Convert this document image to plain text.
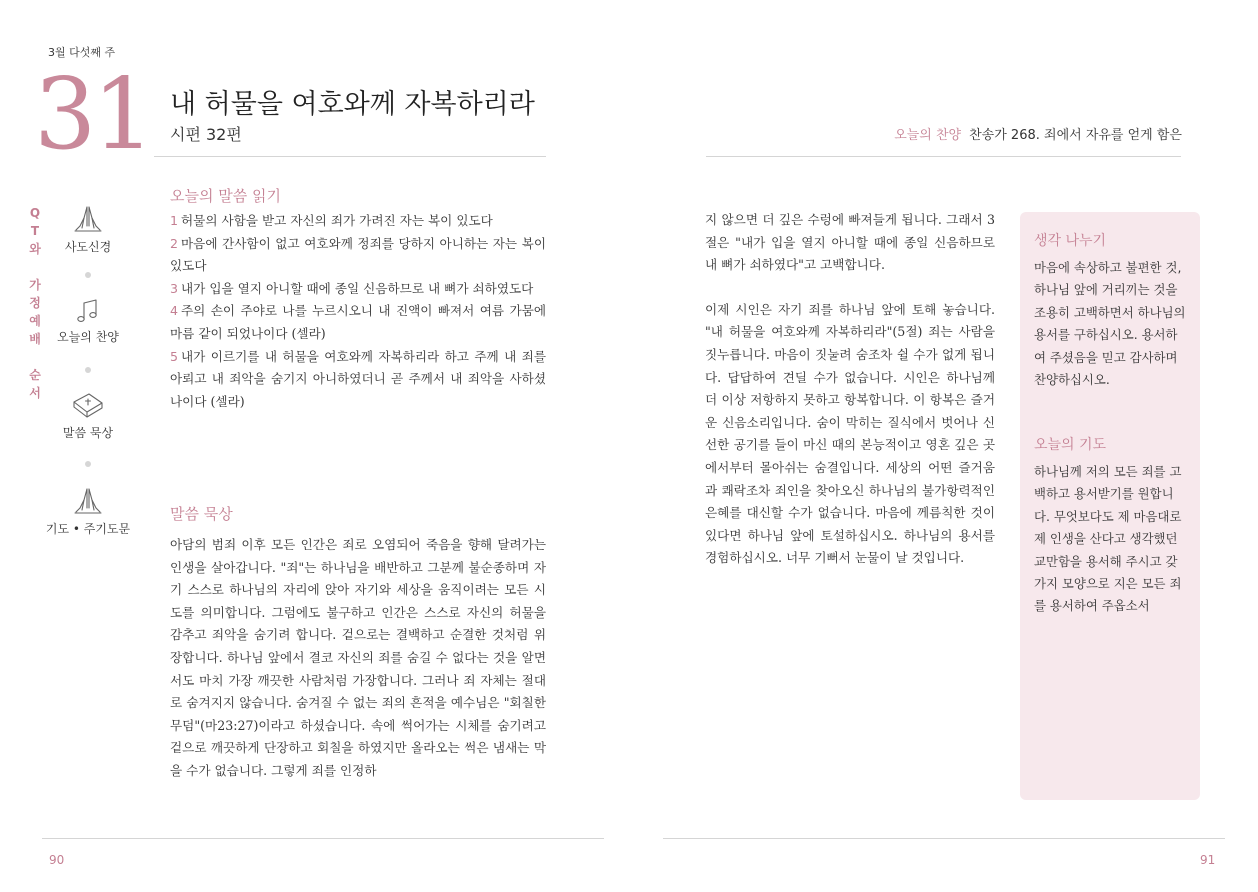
3월 다섯째 주
31 내 허물을 여호와께 자복하리라
시편 32편
Q
T
와

가
정
예
배

순
서
사도신경
오늘의 찬양
말씀 묵상
기도 • 주기도문
오늘의 말씀 읽기
1 허물의 사함을 받고 자신의 죄가 가려진 자는 복이 있도다
2 마음에 간사함이 없고 여호와께 정죄를 당하지 아니하는 자는 복이 있도다
3 내가 입을 열지 아니할 때에 종일 신음하므로 내 뼈가 쇠하였도다
4 주의 손이 주야로 나를 누르시오니 내 진액이 빠져서 여름 가뭄에 마름 같이 되었나이다 (셀라)
5 내가 이르기를 내 허물을 여호와께 자복하리라 하고 주께 내 죄를 아뢰고 내 죄악을 숨기지 아니하였더니 곧 주께서 내 죄악을 사하셨나이다 (셀라)
말씀 묵상
아담의 범죄 이후 모든 인간은 죄로 오염되어 죽음을 향해 달려가는 인생을 살아갑니다. "죄"는 하나님을 배반하고 그분께 불순종하며 자기 스스로 하나님의 자리에 앉아 자기와 세상을 움직이려는 모든 시도를 의미합니다. 그럼에도 불구하고 인간은 스스로 자신의 허물을 감추고 죄악을 숨기려 합니다. 겉으로는 결백하고 순결한 것처럼 위장합니다. 하나님 앞에서 결코 자신의 죄를 숨길 수 없다는 것을 알면서도 마치 가장 깨끗한 사람처럼 가장합니다. 그러나 죄 자체는 절대로 숨겨지지 않습니다. 숨겨질 수 없는 죄의 흔적을 예수님은 "회칠한 무덤"(마23:27)이라고 하셨습니다. 속에 썩어가는 시체를 숨기려고 겉으로 깨끗하게 단장하고 회칠을 하였지만 올라오는 썩은 냄새는 막을 수가 없습니다. 그렇게 죄를 인정하
오늘의 찬양 찬송가 268. 죄에서 자유를 얻게 함은

지 않으면 더 깊은 수렁에 빠져들게 됩니다. 그래서 3절은 "내가 입을 열지 아니할 때에 종일 신음하므로 내 뼈가 쇠하였다"고 고백합니다.

이제 시인은 자기 죄를 하나님 앞에 토해 놓습니다. "내 허물을 여호와께 자복하리라"(5절) 죄는 사람을 짓누릅니다. 마음이 짓눌려 숨조차 쉴 수가 없게 됩니다. 답답하여 견딜 수가 없습니다. 시인은 하나님께 더 이상 저항하지 못하고 항복합니다. 이 항복은 즐거운 신음소리입니다. 숨이 막히는 질식에서 벗어나 신선한 공기를 들이 마신 때의 본능적이고 영혼 깊은 곳에서부터 몰아쉬는 숨결입니다. 세상의 어떤 즐거움과 쾌락조차 죄인을 찾아오신 하나님의 불가항력적인 은혜를 대신할 수가 없습니다. 마음에 께름칙한 것이 있다면 하나님 앞에 토설하십시오. 하나님의 용서를 경험하십시오. 너무 기뻐서 눈물이 날 것입니다.

생각 나누기
마음에 속상하고 불편한 것, 하나님 앞에 거리끼는 것을 조용히 고백하면서 하나님의 용서를 구하십시오. 용서하여 주셨음을 믿고 감사하며 찬양하십시오.
오늘의 기도
하나님께 저의 모든 죄를 고백하고 용서받기를 원합니다. 무엇보다도 제 마음대로 제 인생을 산다고 생각했던 교만함을 용서해 주시고 갖가지 모양으로 지은 모든 죄를 용서하여 주옵소서
90	91
